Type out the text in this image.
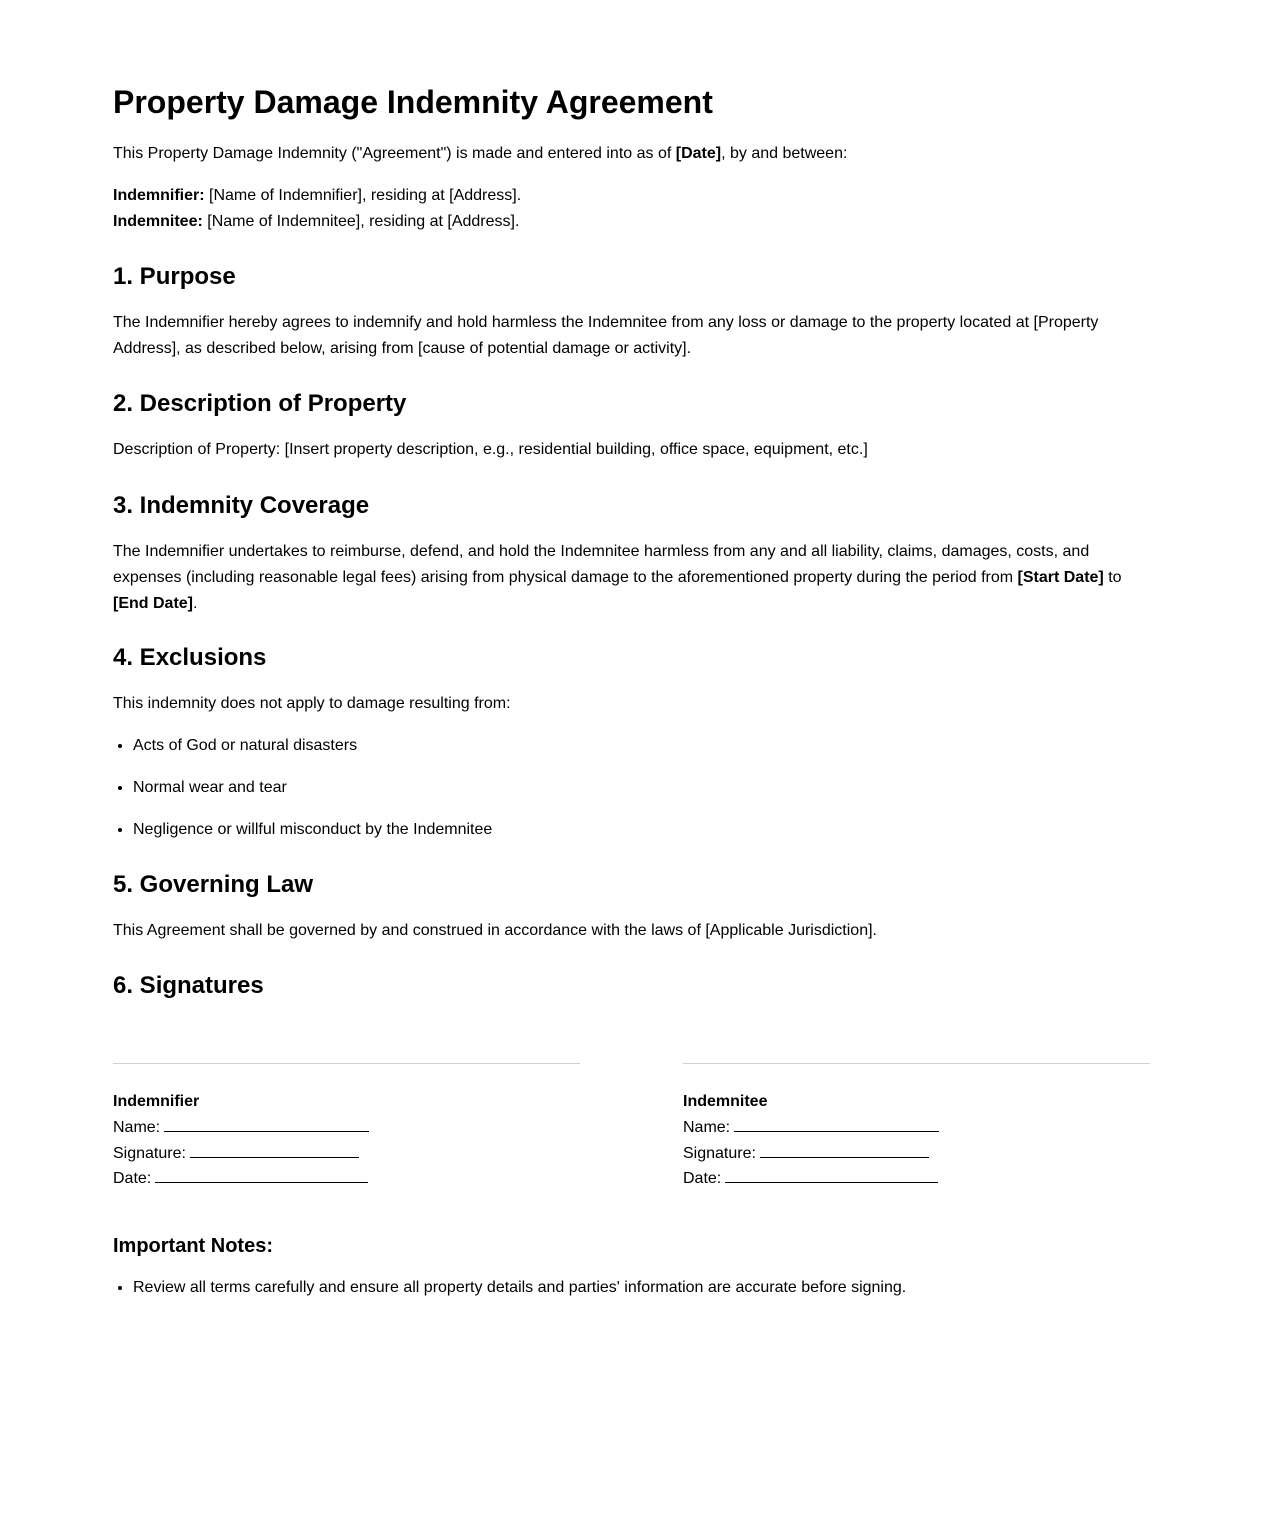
Property Damage Indemnity Agreement

This Property Damage Indemnity ("Agreement") is made and entered into as of [Date], by and between:

Indemnifier: [Name of Indemnifier], residing at [Address].
Indemnitee: [Name of Indemnitee], residing at [Address].
1. Purpose

The Indemnifier hereby agrees to indemnify and hold harmless the Indemnitee from any loss or damage to the property located at [Property Address], as described below, arising from [cause of potential damage or activity].

2. Description of Property

Description of Property: [Insert property description, e.g., residential building, office space, equipment, etc.]

3. Indemnity Coverage

The Indemnifier undertakes to reimburse, defend, and hold the Indemnitee harmless from any and all liability, claims, damages, costs, and expenses (including reasonable legal fees) arising from physical damage to the aforementioned property during the period from [Start Date] to [End Date].

4. Exclusions

This indemnity does not apply to damage resulting from:

• Acts of God or natural disasters
• Normal wear and tear
• Negligence or willful misconduct by the Indemnitee
5. Governing Law

This Agreement shall be governed by and construed in accordance with the laws of [Applicable Jurisdiction].

6. Signatures
Indemnifier
Name:
Signature:
Date:
Indemnitee
Name:
Signature:
Date:
Important Notes:
• Review all terms carefully and ensure all property details and parties' information are accurate before signing.
